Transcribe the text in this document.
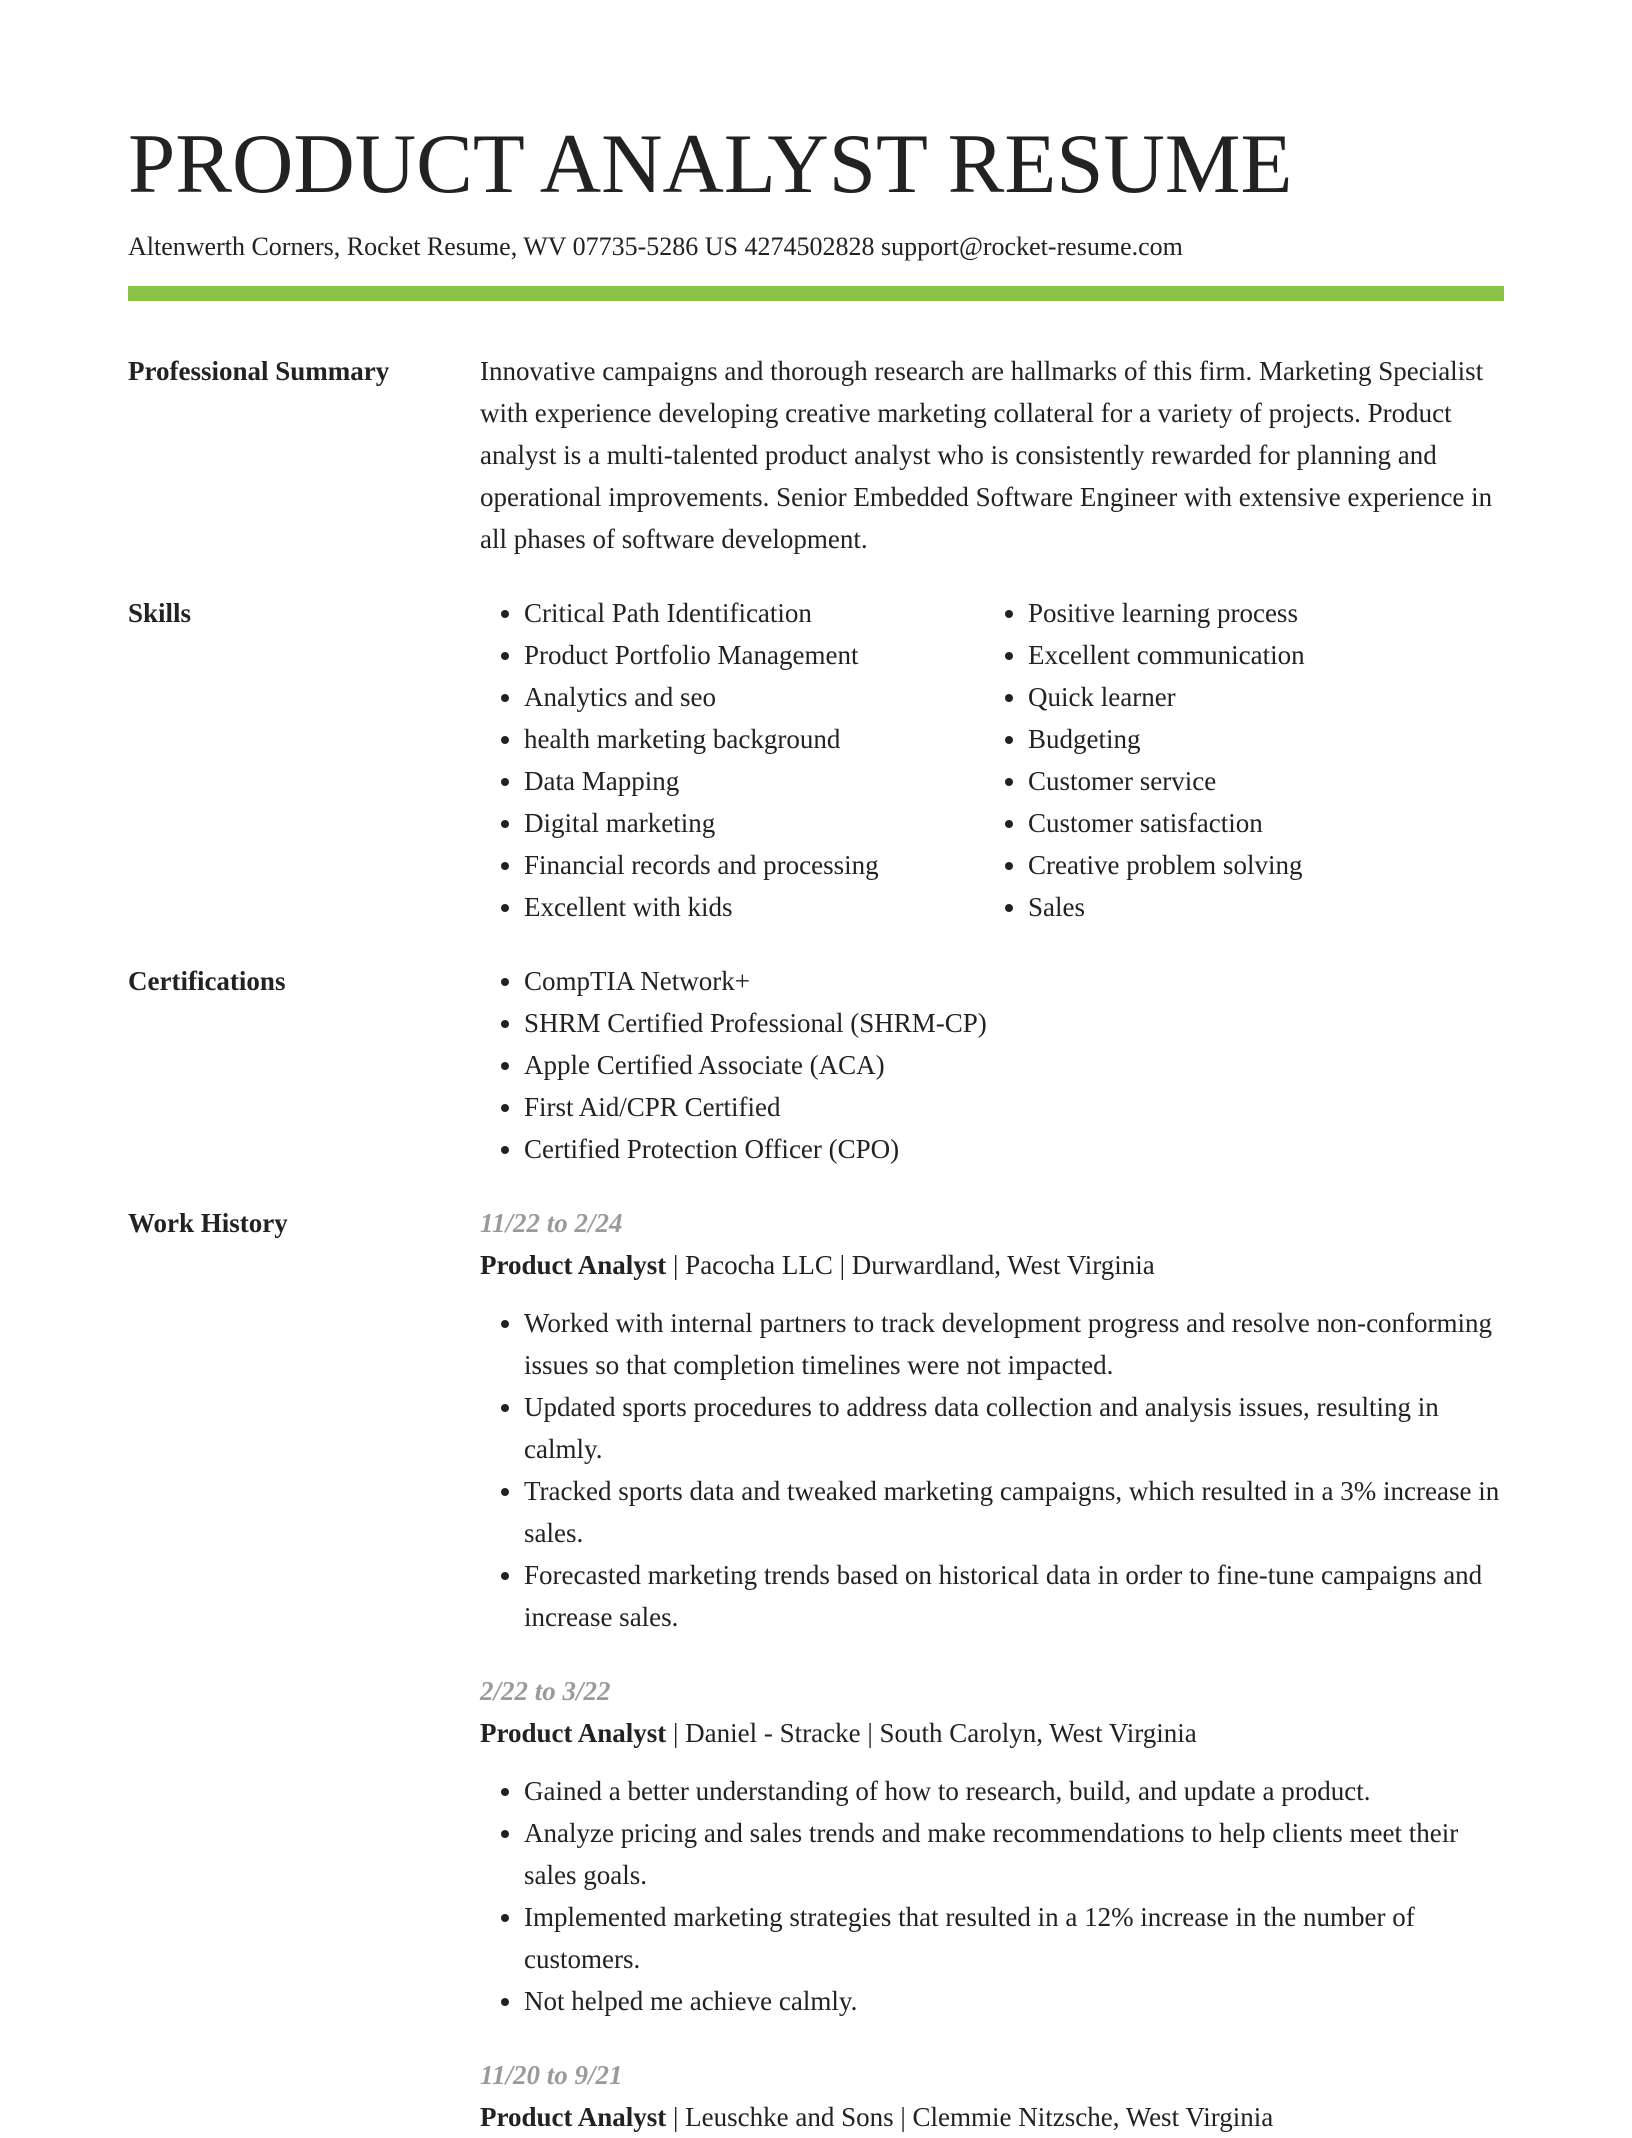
PRODUCT ANALYST RESUME
Altenwerth Corners, Rocket Resume, WV 07735-5286 US 4274502828 support@rocket-resume.com
Professional Summary	Innovative campaigns and thorough research are hallmarks of this firm. Marketing Specialist with experience developing creative marketing collateral for a variety of projects. Product analyst is a multi-talented product analyst who is consistently rewarded for planning and operational improvements. Senior Embedded Software Engineer with extensive experience in all phases of software development.

Skills	• Critical Path Identification
• Product Portfolio Management
• Analytics and seo
• health marketing background
• Data Mapping
• Digital marketing
• Financial records and processing
• Excellent with kids
• Positive learning process
• Excellent communication
• Quick learner
• Budgeting
• Customer service
• Customer satisfaction
• Creative problem solving
• Sales
Certifications	• CompTIA Network+
• SHRM Certified Professional (SHRM-CP)
• Apple Certified Associate (ACA)
• First Aid/CPR Certified
• Certified Protection Officer (CPO)
Work History	11/22 to 2/24
Product Analyst | Pacocha LLC | Durwardland, West Virginia
• Worked with internal partners to track development progress and resolve non-conforming issues so that completion timelines were not impacted.
• Updated sports procedures to address data collection and analysis issues, resulting in calmly.
• Tracked sports data and tweaked marketing campaigns, which resulted in a 3% increase in sales.
• Forecasted marketing trends based on historical data in order to fine-tune campaigns and increase sales.
2/22 to 3/22
Product Analyst | Daniel - Stracke | South Carolyn, West Virginia
• Gained a better understanding of how to research, build, and update a product.
• Analyze pricing and sales trends and make recommendations to help clients meet their sales goals.
• Implemented marketing strategies that resulted in a 12% increase in the number of customers.
• Not helped me achieve calmly.
11/20 to 9/21
Product Analyst | Leuschke and Sons | Clemmie Nitzsche, West Virginia
